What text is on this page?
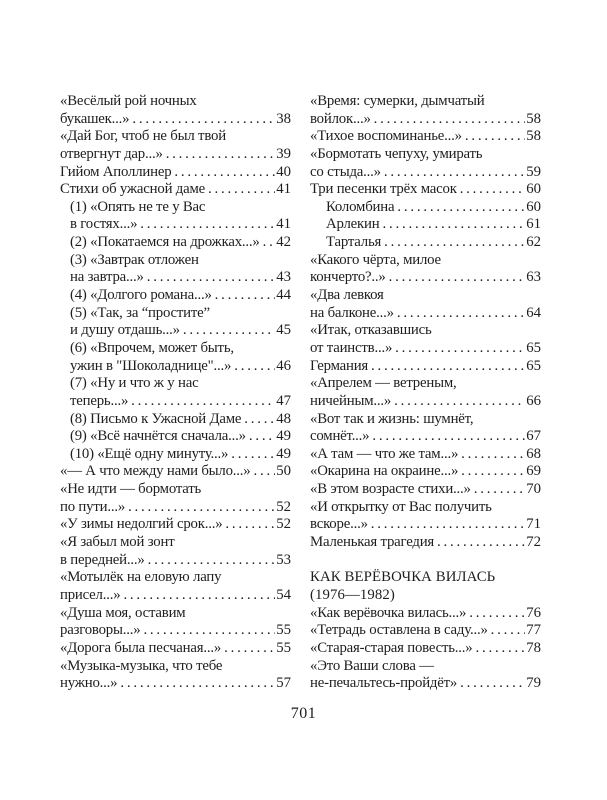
«Весёлый рой ночных
букашек...» .....	38
«Дай Бог, чтоб не был твой
отвергнут дар...» .....	39
Гийом Аполлинер .....	40
Стихи об ужасной даме .....	41
(1) «Опять не те у Вас
в гостях...» .....	41
(2) «Покатаемся на дрожках...» ..... 42
(3) «Завтрак отложен
на завтра...» .....	43
(4) «Долгого романа...» .....	44
(5) «Так, за “простите”
и душу отдашь...» .....	45
(6) «Впрочем, может быть,
ужин в "Шоколаднице"...» .....	46
(7) «Ну и что ж у нас
теперь...» .....	47
(8) Письмо к Ужасной Даме ..... 48
(9) «Всё начнётся сначала...» ..... 49
(10) «Ещё одну минуту...» .....	49
«— А что между нами было...» ..... 50
«Не идти — бормотать
по пути...» .....	52
«У зимы недолгий срок...» .....	52
«Я забыл мой зонт
в передней...» .....	53
«Мотылёк на еловую лапу
присел...» .....	54
«Душа моя, оставим
разговоры...» .....	55
«Дорога была песчаная...» .....	55
«Музыка-музыка, что тебе
нужно...» .....	57
«Время: сумерки, дымчатый
войлок...» .....	58
«Тихое воспоминанье...» .....	58
«Бормотать чепуху, умирать
со стыда...» .....	59
Три песенки трёх масок .....	60
Коломбина .....	60
Арлекин .....	61
Тарталья .....	62
«Какого чёрта, милое
кончерто?..» .....	63
«Два левкоя
на балконе...» .....	64
«Итак, отказавшись
от таинств...» .....	65
Германия .....	65
«Апрелем — ветреным,
ничейным...» .....	66
«Вот так и жизнь: шумнёт,
сомнёт...» .....	67
«А там — что же там...» .....	68
«Окарина на окраине...» .....	69
«В этом возрасте стихи...» .....	70
«И открытку от Вас получить
вскоре...» .....	71
Маленькая трагедия .....	72
КАК ВЕРЁВОЧКА ВИЛАСЬ
(1976—1982)
«Как верёвочка вилась...» .....	76
«Тетрадь оставлена в саду...» .....	77
«Старая-старая повесть...» .....	78
«Это Ваши слова —
не-печальтесь-пройдёт» .....	79
701
